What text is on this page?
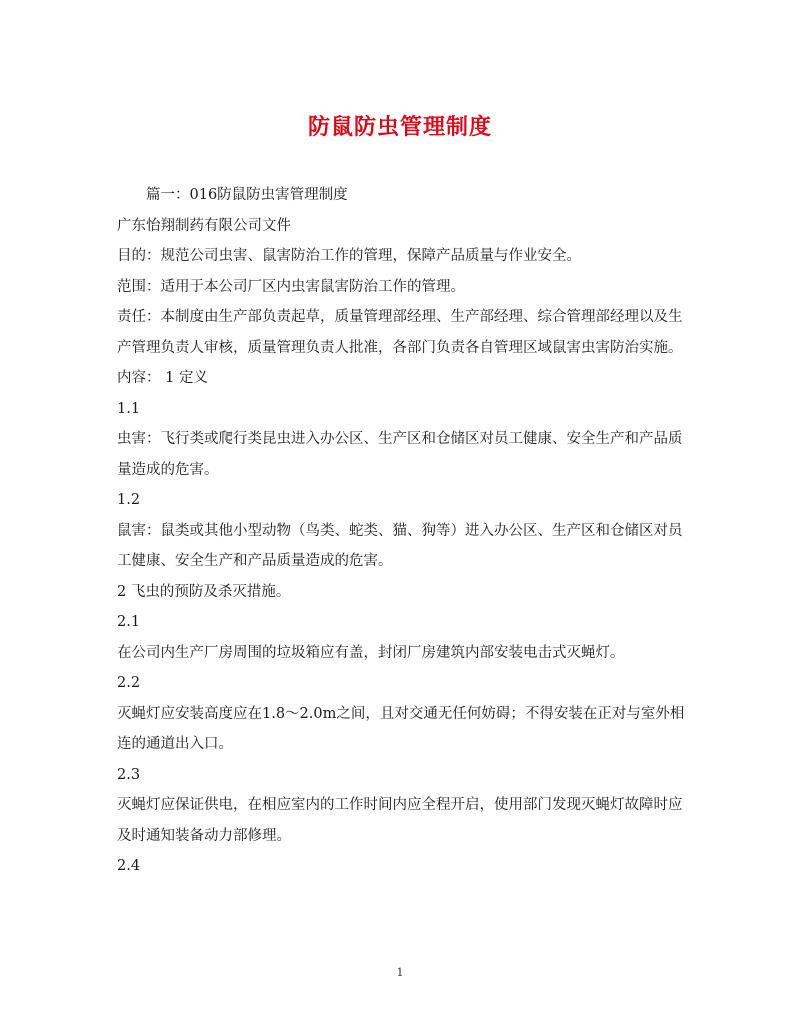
防鼠防虫管理制度
篇一：016防鼠防虫害管理制度
广东怡翔制药有限公司文件
目的：规范公司虫害、鼠害防治工作的管理，保障产品质量与作业安全。
范围：适用于本公司厂区内虫害鼠害防治工作的管理。
责任：本制度由生产部负责起草，质量管理部经理、生产部经理、综合管理部经理以及生产管理负责人审核，质量管理负责人批准，各部门负责各自管理区域鼠害虫害防治实施。
内容： 1 定义
1.1
虫害：飞行类或爬行类昆虫进入办公区、生产区和仓储区对员工健康、安全生产和产品质量造成的危害。
1.2
鼠害：鼠类或其他小型动物（鸟类、蛇类、猫、狗等）进入办公区、生产区和仓储区对员工健康、安全生产和产品质量造成的危害。
2 飞虫的预防及杀灭措施。
2.1
在公司内生产厂房周围的垃圾箱应有盖，封闭厂房建筑内部安装电击式灭蝇灯。
2.2
灭蝇灯应安装高度应在1.8～2.0m之间，且对交通无任何妨碍；不得安装在正对与室外相连的通道出入口。
2.3
灭蝇灯应保证供电，在相应室内的工作时间内应全程开启，使用部门发现灭蝇灯故障时应及时通知装备动力部修理。
2.4
1
